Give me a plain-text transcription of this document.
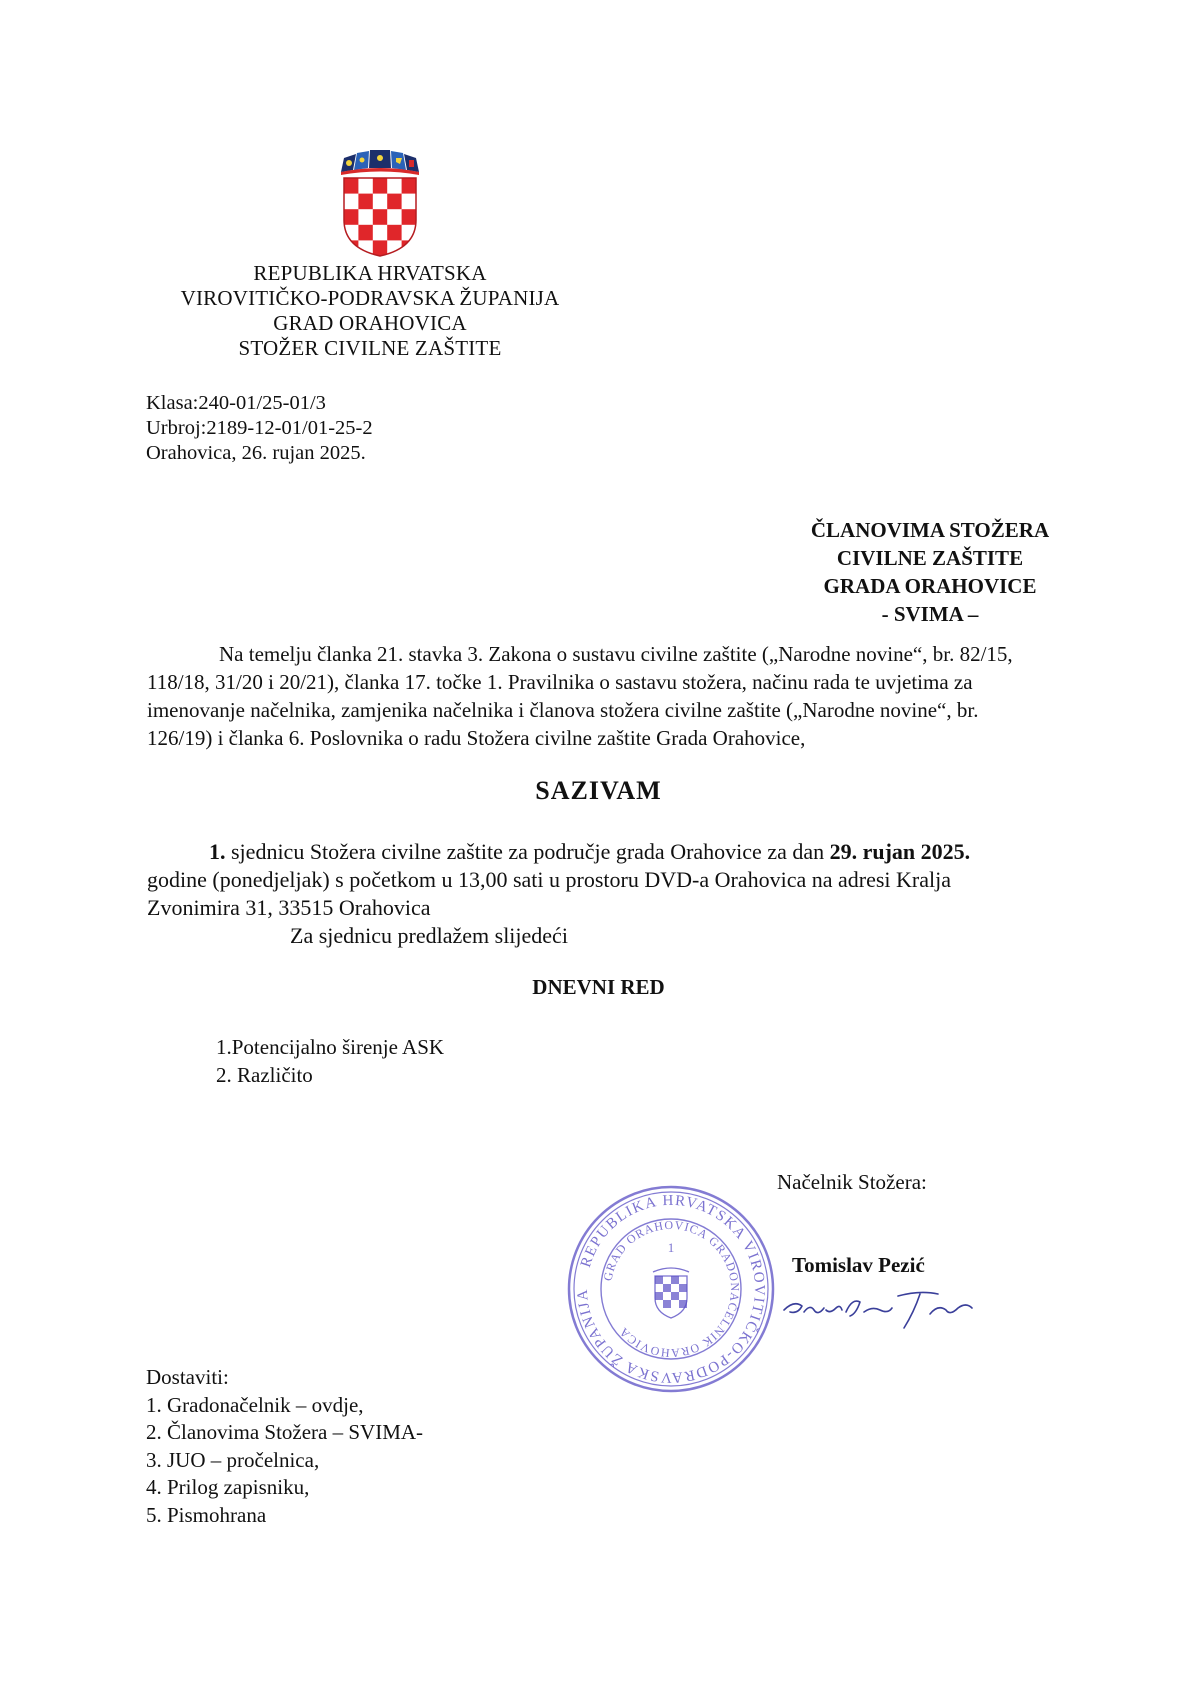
REPUBLIKA HRVATSKA
VIROVITIČKO-PODRAVSKA ŽUPANIJA
GRAD ORAHOVICA
STOŽER CIVILNE ZAŠTITE
Klasa:240-01/25-01/3
Urbroj:2189-12-01/01-25-2
Orahovica, 26. rujan 2025.
ČLANOVIMA STOŽERA
CIVILNE ZAŠTITE
GRADA ORAHOVICE
- SVIMA –
Na temelju članka 21. stavka 3. Zakona o sustavu civilne zaštite („Narodne novine“, br. 82/15,
118/18, 31/20 i 20/21), članka 17. točke 1. Pravilnika o sastavu stožera, načinu rada te uvjetima za
imenovanje načelnika, zamjenika načelnika i članova stožera civilne zaštite („Narodne novine“, br.
126/19) i članka 6. Poslovnika o radu Stožera civilne zaštite Grada Orahovice,
SAZIVAM
1. sjednicu Stožera civilne zaštite za područje grada Orahovice za dan 29. rujan 2025.
godine (ponedjeljak) s početkom u 13,00 sati u prostoru DVD-a Orahovica na adresi Kralja
Zvonimira 31, 33515 Orahovica
Za sjednicu predlažem slijedeći
DNEVNI RED
1.Potencijalno širenje ASK
2. Različito
Načelnik Stožera:
REPUBLIKA HRVATSKA VIROVITIČKO-PODRAVSKA ŽUPANIJA
GRAD ORAHOVICA GRADONAČELNIK ORAHOVICA
1
Tomislav Pezić
Dostaviti:
1. Gradonačelnik – ovdje,
2. Članovima Stožera – SVIMA-
3. JUO – pročelnica,
4. Prilog zapisniku,
5. Pismohrana
